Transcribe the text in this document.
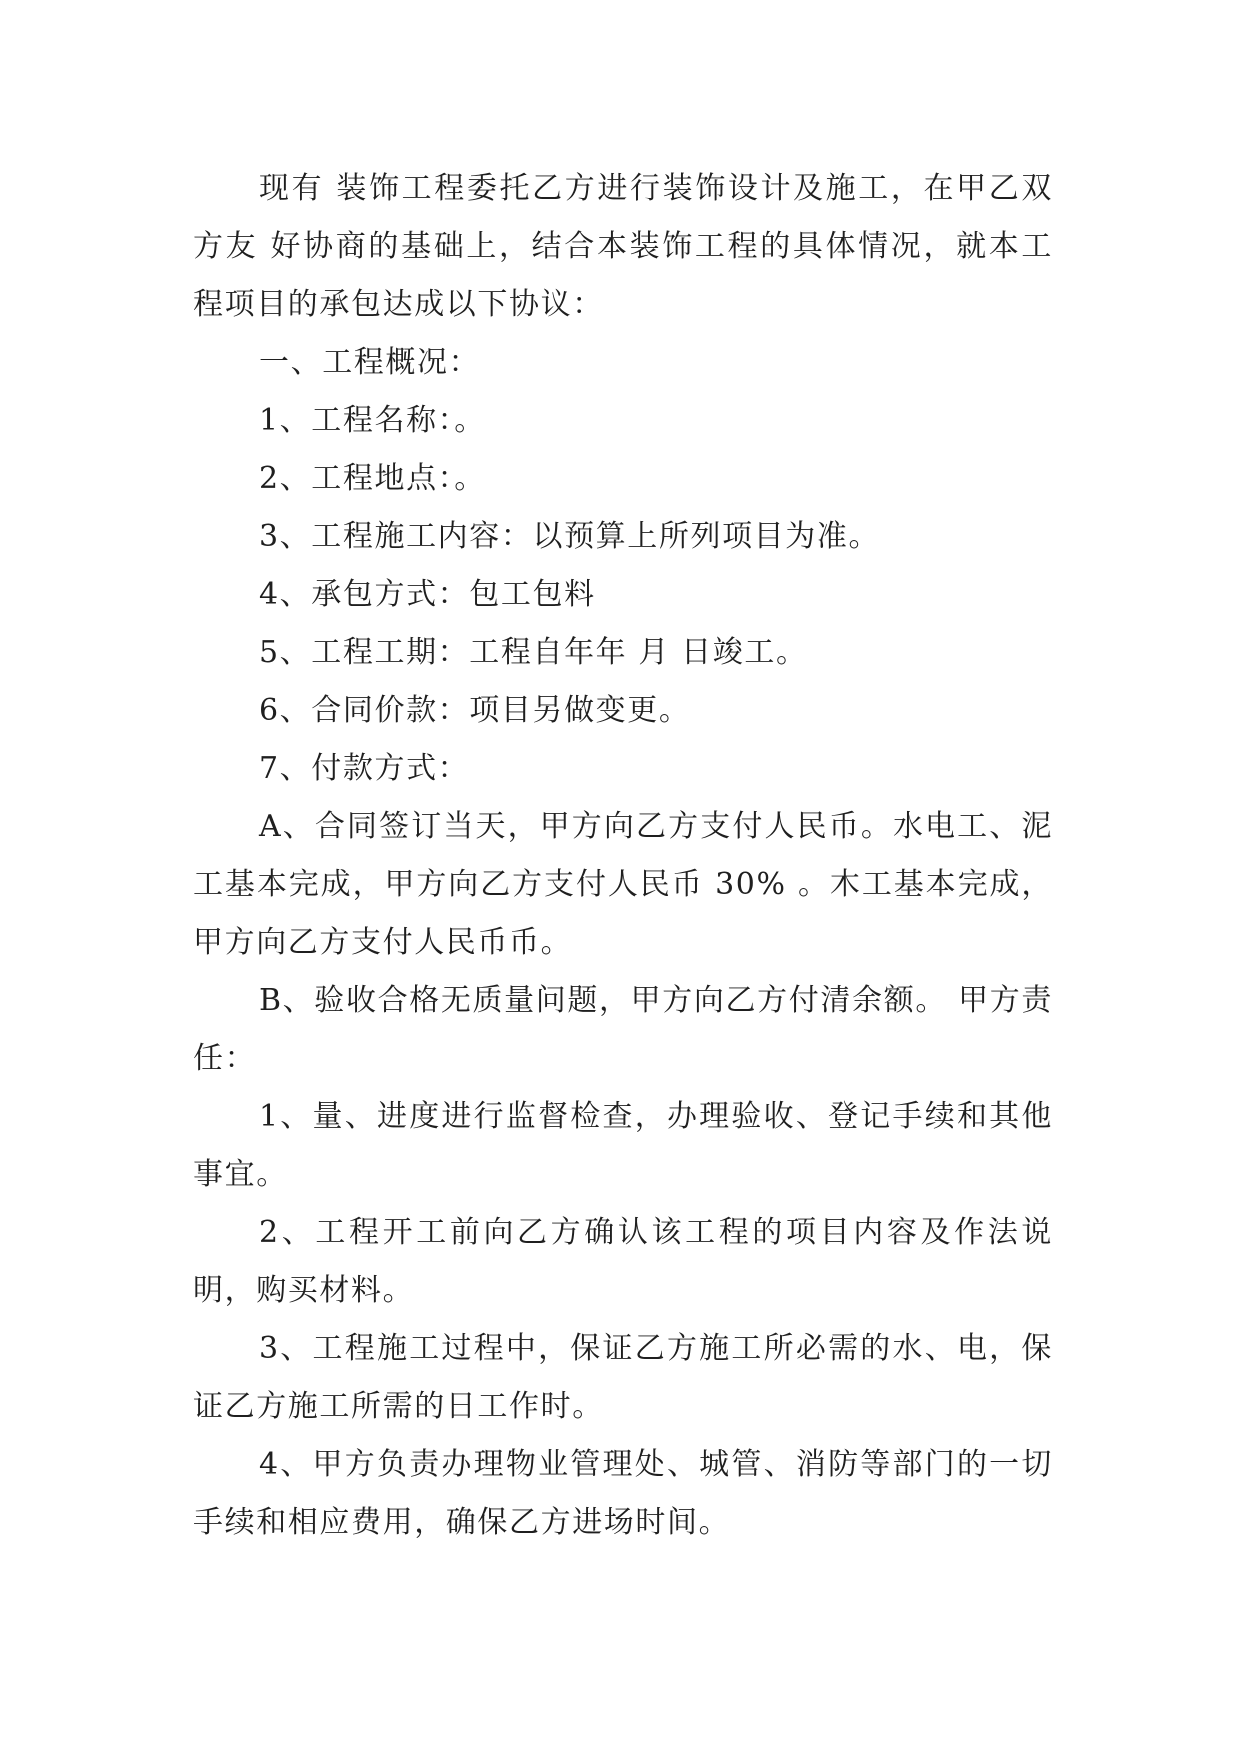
现有 装饰工程委托乙方进行装饰设计及施工，在甲乙双方友 好协商的基础上，结合本装饰工程的具体情况，就本工程项目的承包达成以下协议：

一、工程概况：

1、工程名称：。

2、工程地点：。

3、工程施工内容：以预算上所列项目为准。

4、承包方式：包工包料

5、工程工期：工程自年年 月 日竣工。

6、合同价款：项目另做变更。

7、付款方式：

A、合同签订当天，甲方向乙方支付人民币。水电工、泥工基本完成，甲方向乙方支付人民币 30% 。木工基本完成，甲方向乙方支付人民币币。

B、验收合格无质量问题，甲方向乙方付清余额。 甲方责任：

1、量、进度进行监督检查，办理验收、登记手续和其他事宜。

2、工程开工前向乙方确认该工程的项目内容及作法说明，购买材料。

3、工程施工过程中，保证乙方施工所必需的水、电，保证乙方施工所需的日工作时。

4、甲方负责办理物业管理处、城管、消防等部门的一切手续和相应费用，确保乙方进场时间。
